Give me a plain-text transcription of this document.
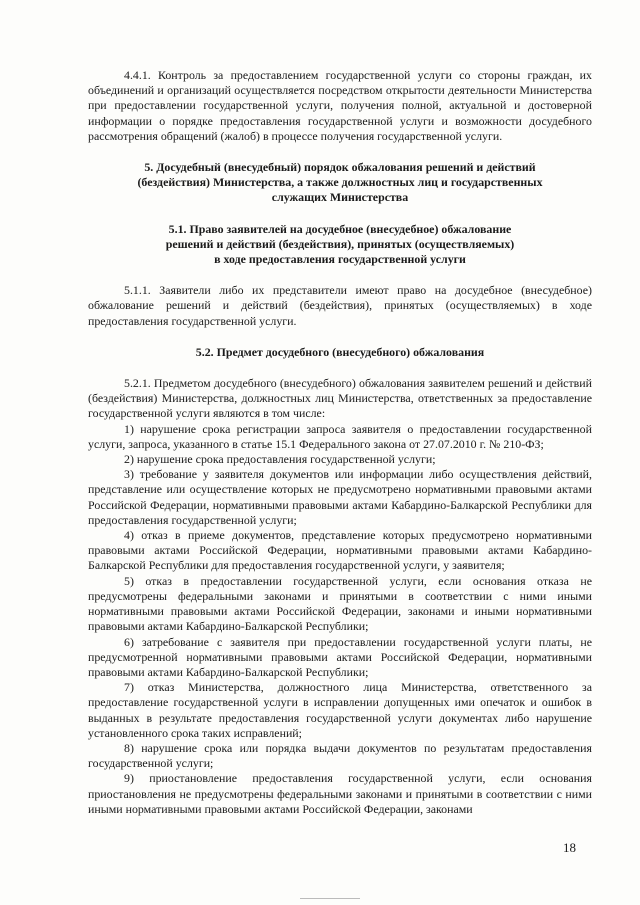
4.4.1. Контроль за предоставлением государственной услуги со стороны граждан, их объединений и организаций осуществляется посредством открытости деятельности Министерства при предоставлении государственной услуги, получения полной, актуальной и достоверной информации о порядке предоставления государственной услуги и возможности досудебного рассмотрения обращений (жалоб) в процессе получения государственной услуги.

5. Досудебный (внесудебный) порядок обжалования решений и действий
(бездействия) Министерства, а также должностных лиц и государственных
служащих Министерства
5.1. Право заявителей на досудебное (внесудебное) обжалование
решений и действий (бездействия), принятых (осуществляемых)
в ходе предоставления государственной услуги

5.1.1. Заявители либо их представители имеют право на досудебное (внесудебное) обжалование решений и действий (бездействия), принятых (осуществляемых) в ходе предоставления государственной услуги.

5.2. Предмет досудебного (внесудебного) обжалования

5.2.1. Предметом досудебного (внесудебного) обжалования заявителем решений и действий (бездействия) Министерства, должностных лиц Министерства, ответственных за предоставление государственной услуги являются в том числе:

1) нарушение срока регистрации запроса заявителя о предоставлении государственной услуги, запроса, указанного в статье 15.1 Федерального закона от 27.07.2010 г. № 210-ФЗ;

2) нарушение срока предоставления государственной услуги;

3) требование у заявителя документов или информации либо осуществления действий, представление или осуществление которых не предусмотрено нормативными правовыми актами Российской Федерации, нормативными правовыми актами Кабардино-Балкарской Республики для предоставления государственной услуги;

4) отказ в приеме документов, представление которых предусмотрено нормативными правовыми актами Российской Федерации, нормативными правовыми актами Кабардино-Балкарской Республики для предоставления государственной услуги, у заявителя;

5) отказ в предоставлении государственной услуги, если основания отказа не предусмотрены федеральными законами и принятыми в соответствии с ними иными нормативными правовыми актами Российской Федерации, законами и иными нормативными правовыми актами Кабардино-Балкарской Республики;

6) затребование с заявителя при предоставлении государственной услуги платы, не предусмотренной нормативными правовыми актами Российской Федерации, нормативными правовыми актами Кабардино-Балкарской Республики;

7) отказ Министерства, должностного лица Министерства, ответственного за предоставление государственной услуги в исправлении допущенных ими опечаток и ошибок в выданных в результате предоставления государственной услуги документах либо нарушение установленного срока таких исправлений;

8) нарушение срока или порядка выдачи документов по результатам предоставления государственной услуги;

9) приостановление предоставления государственной услуги, если основания приостановления не предусмотрены федеральными законами и принятыми в соответствии с ними иными нормативными правовыми актами Российской Федерации, законами

18
